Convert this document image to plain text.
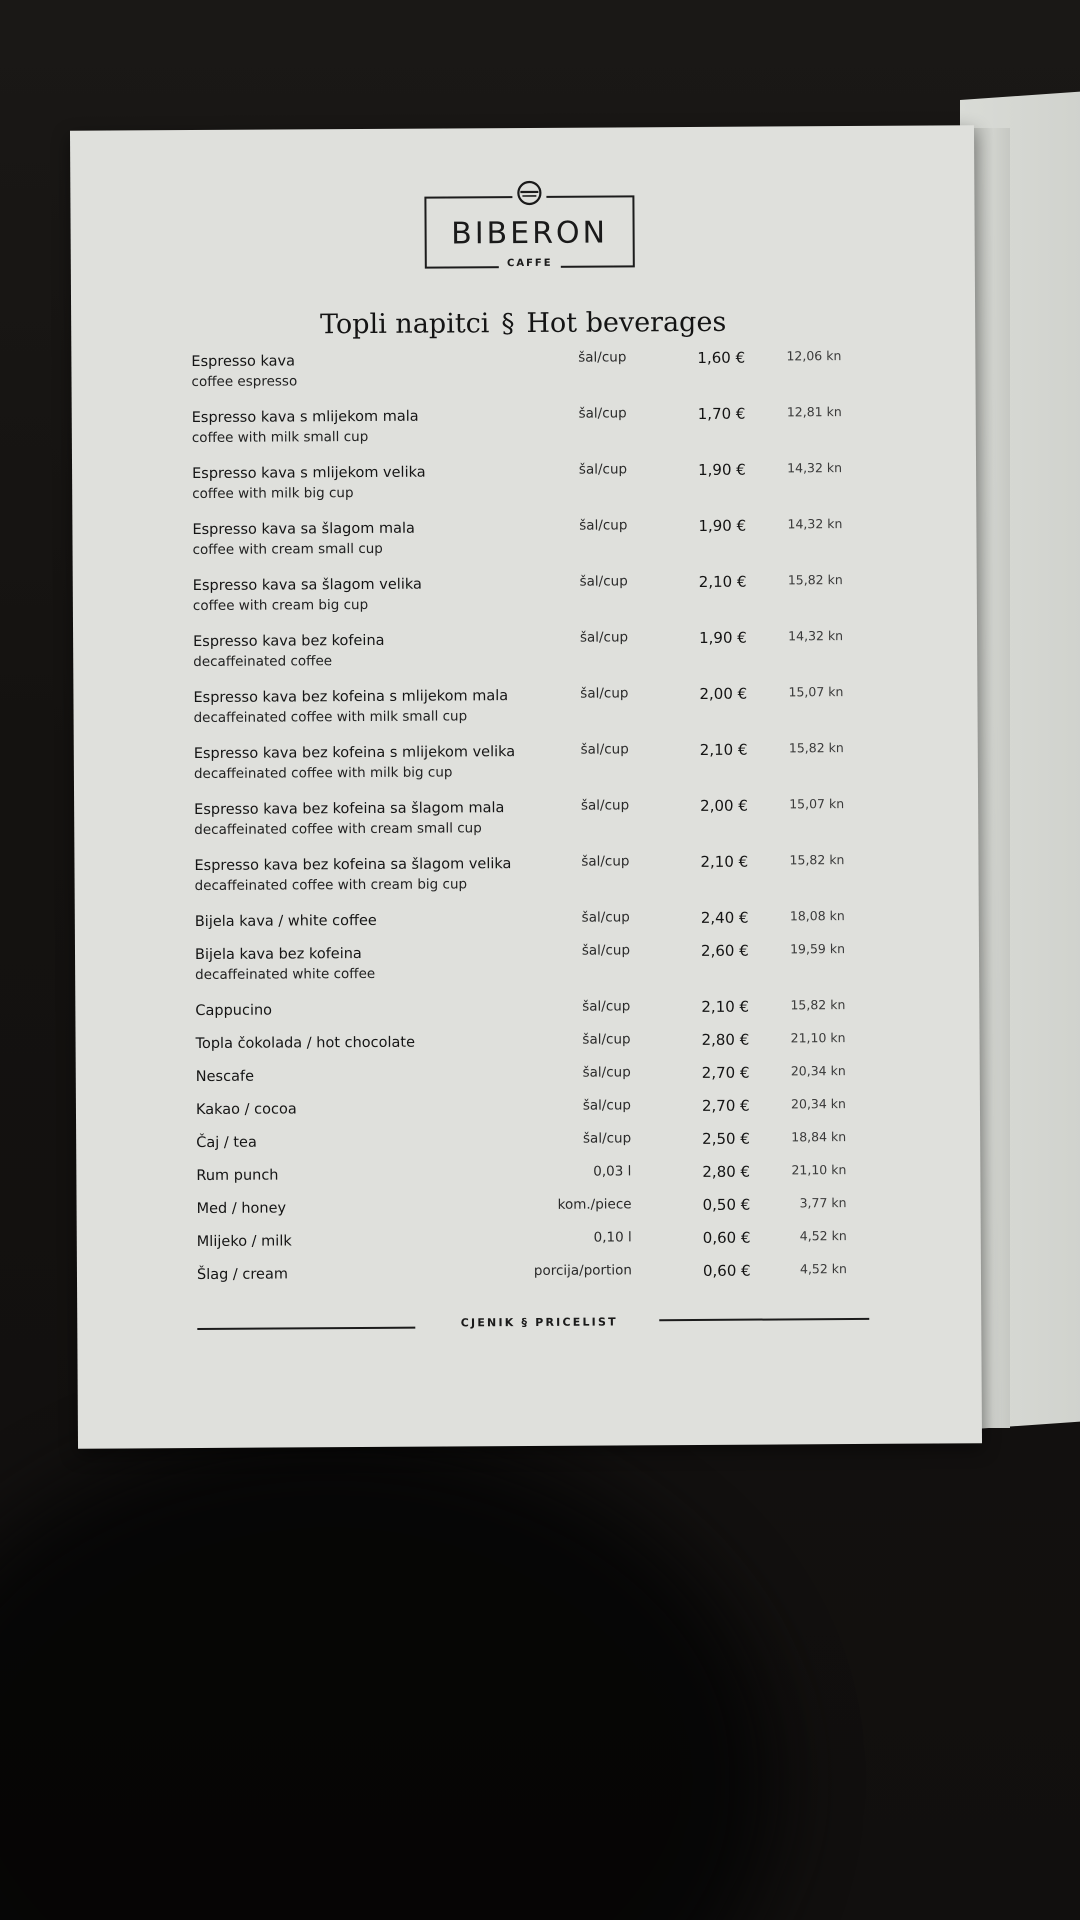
BIBERON
CAFFE
Topli napitci § Hot beverages
Espresso kava
coffee espresso
šal/cup	1,60 €	12,06 kn
Espresso kava s mlijekom mala
coffee with milk small cup
šal/cup	1,70 €	12,81 kn
Espresso kava s mlijekom velika
coffee with milk big cup
šal/cup	1,90 €	14,32 kn
Espresso kava sa šlagom mala
coffee with cream small cup
šal/cup	1,90 €	14,32 kn
Espresso kava sa šlagom velika
coffee with cream big cup
šal/cup	2,10 €	15,82 kn
Espresso kava bez kofeina
decaffeinated coffee
šal/cup	1,90 €	14,32 kn
Espresso kava bez kofeina s mlijekom mala
decaffeinated coffee with milk small cup
šal/cup	2,00 €	15,07 kn
Espresso kava bez kofeina s mlijekom velika
decaffeinated coffee with milk big cup
šal/cup	2,10 €	15,82 kn
Espresso kava bez kofeina sa šlagom mala
decaffeinated coffee with cream small cup
šal/cup	2,00 €	15,07 kn
Espresso kava bez kofeina sa šlagom velika
decaffeinated coffee with cream big cup
šal/cup	2,10 €	15,82 kn
Bijela kava / white coffee	šal/cup	2,40 €	18,08 kn
Bijela kava bez kofeina
decaffeinated white coffee
šal/cup	2,60 €	19,59 kn
Cappucino	šal/cup	2,10 €	15,82 kn
Topla čokolada / hot chocolate	šal/cup	2,80 €	21,10 kn
Nescafe	šal/cup	2,70 €	20,34 kn
Kakao / cocoa	šal/cup	2,70 €	20,34 kn
Čaj / tea	šal/cup	2,50 €	18,84 kn
Rum punch	0,03 l	2,80 €	21,10 kn
Med / honey	kom./piece	0,50 €	3,77 kn
Mlijeko / milk	0,10 l	0,60 €	4,52 kn
Šlag / cream	porcija/portion	0,60 €	4,52 kn
CJENIK § PRICELIST
